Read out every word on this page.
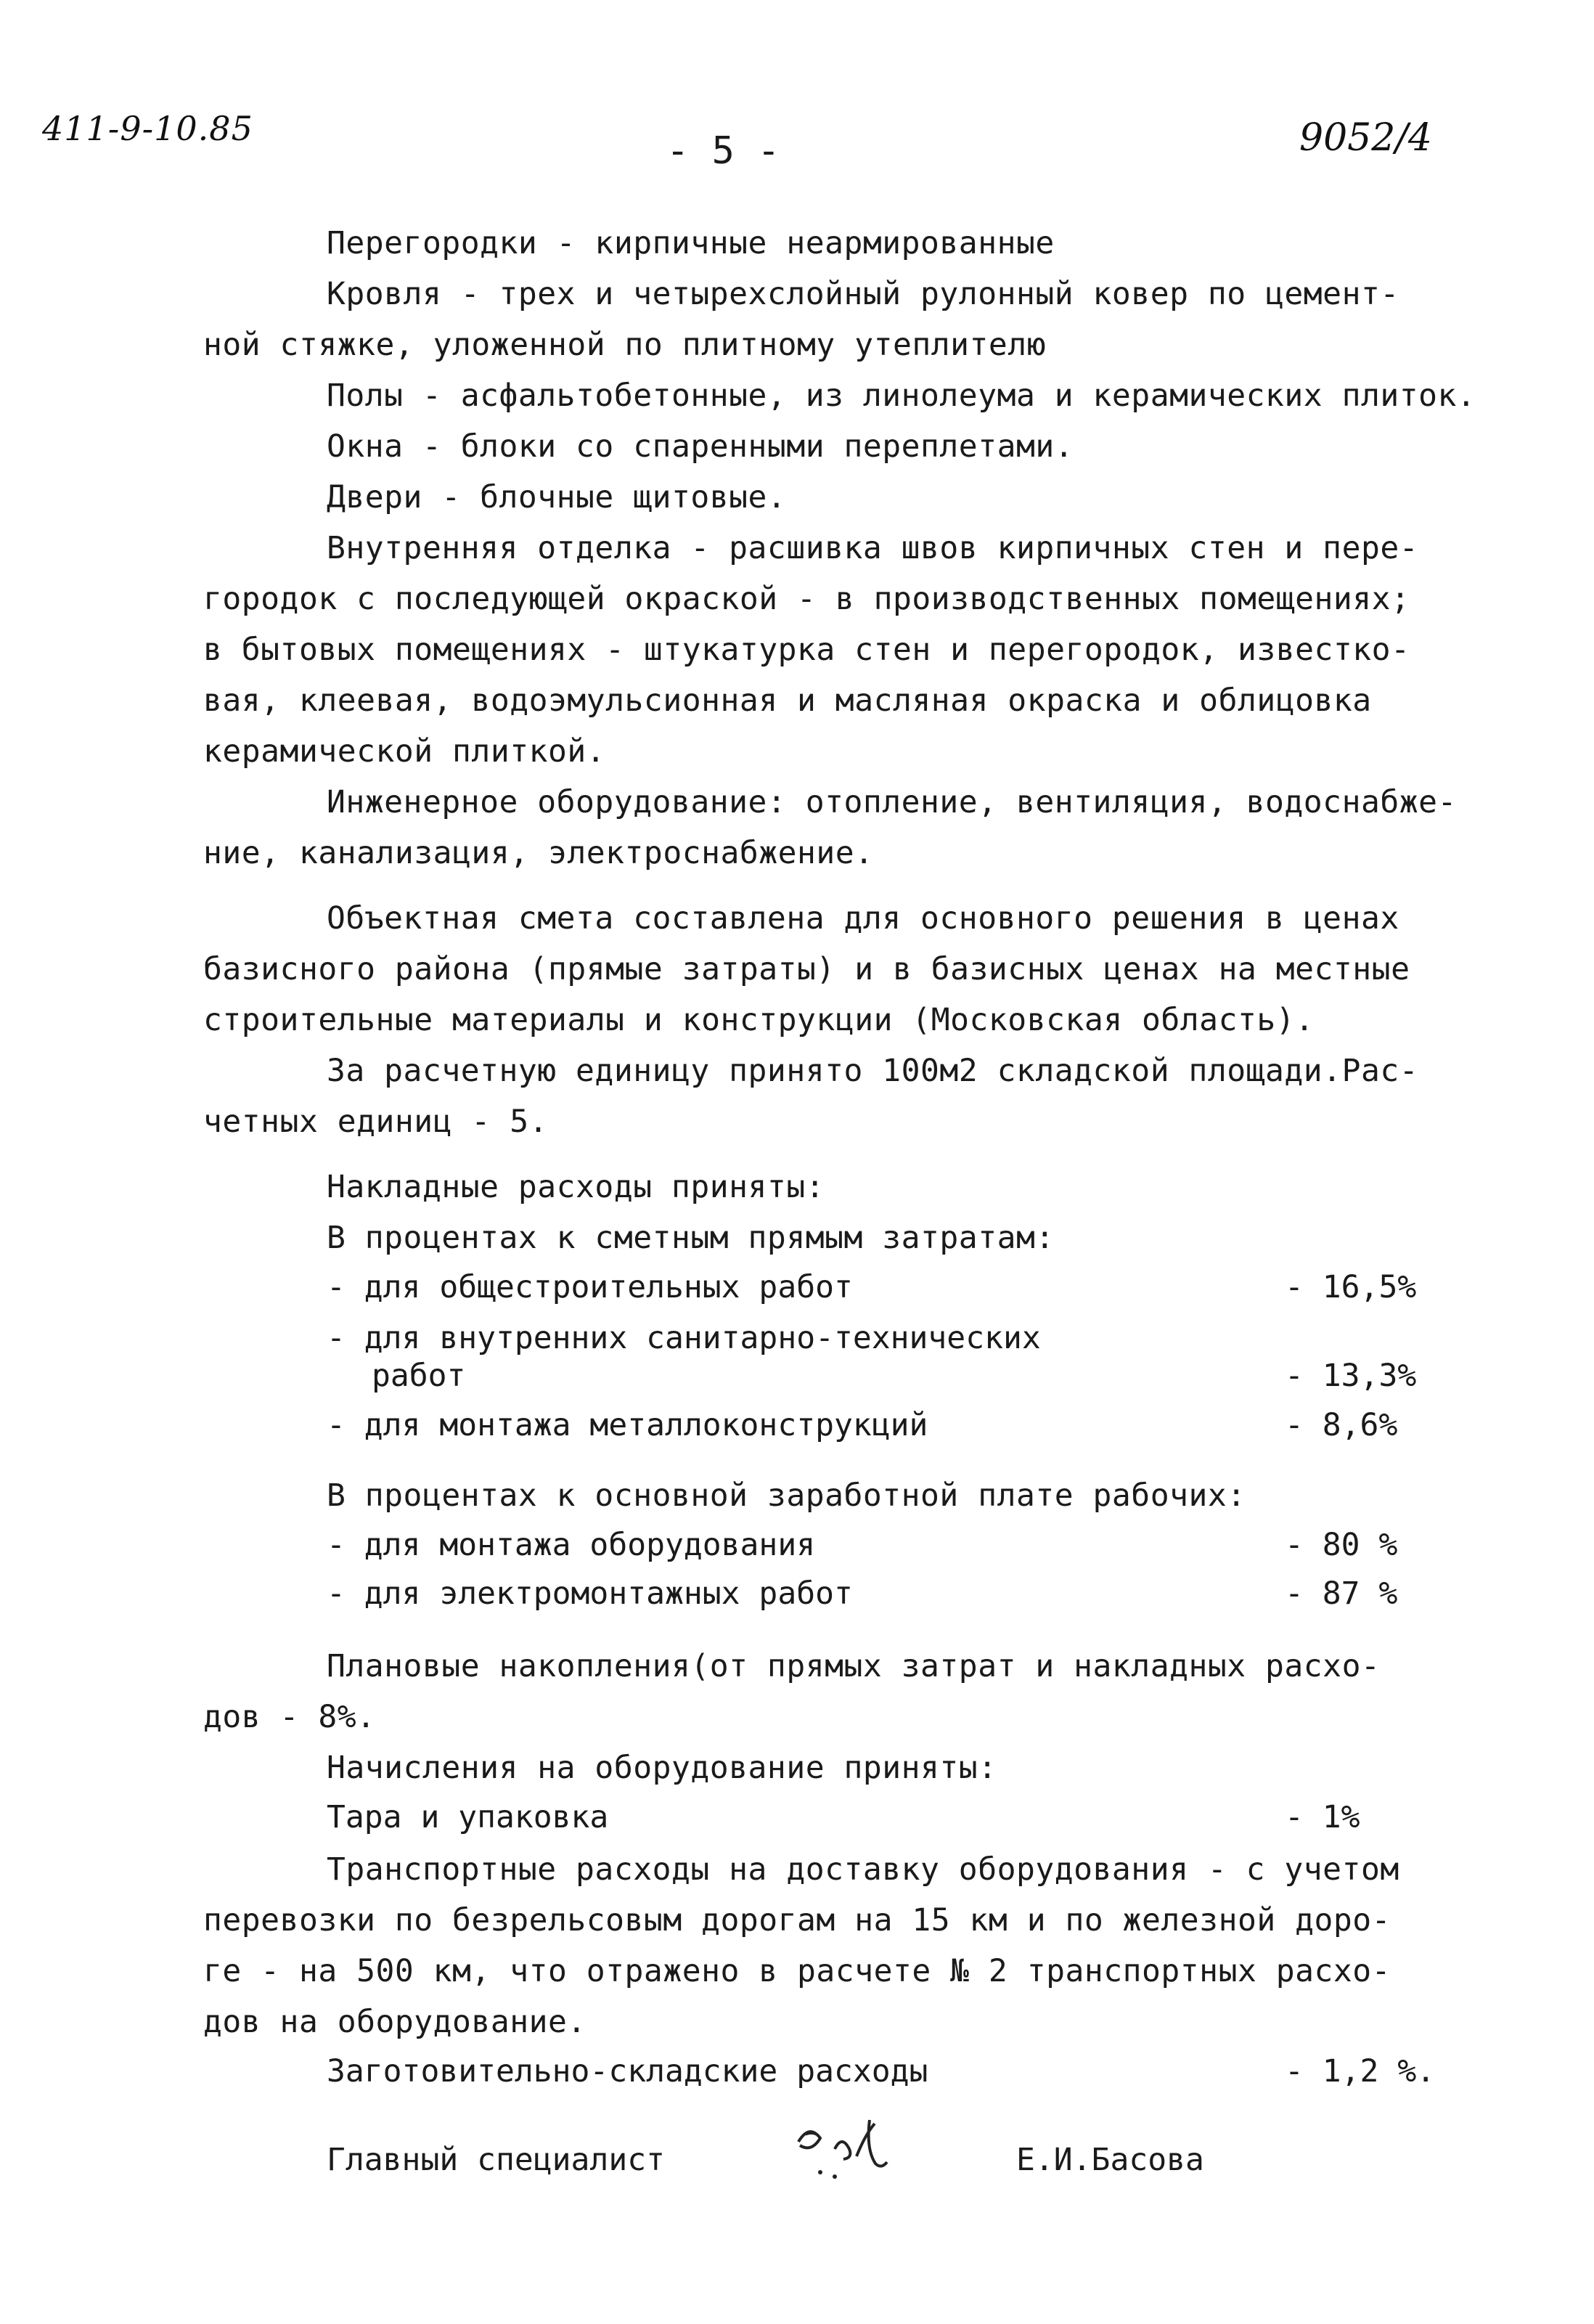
411-9-10.85
- 5 -	9052/4
Перегородки - кирпичные неармированные
Кровля - трех и четырехслойный рулонный ковер по цемент-
ной стяжке, уложенной по плитному утеплителю
Полы - асфальтобетонные, из линолеума и керамических плиток.
Окна - блоки со спаренными переплетами.
Двери - блочные щитовые.
Внутренняя отделка - расшивка швов кирпичных стен и пере-
городок с последующей окраской - в производственных помещениях;
в бытовых помещениях - штукатурка стен и перегородок, известко-
вая, клеевая, водоэмульсионная и масляная окраска и облицовка
керамической плиткой.
Инженерное оборудование: отопление, вентиляция, водоснабже-
ние, канализация, электроснабжение.
Объектная смета составлена для основного решения в ценах
базисного района (прямые затраты) и в базисных ценах на местные
строительные материалы и конструкции (Московская область).
За расчетную единицу принято 100м2 складской площади.Рас-
четных единиц - 5.
Накладные расходы приняты:
В процентах к сметным прямым затратам:
- для общестроительных работ	- 16,5%
- для внутренних санитарно-технических
работ	- 13,3%
- для монтажа металлоконструкций	- 8,6%
В процентах к основной заработной плате рабочих:
- для монтажа оборудования	- 80 %
- для электромонтажных работ	- 87 %
Плановые накопления(от прямых затрат и накладных расхо-
дов - 8%.
Начисления на оборудование приняты:
Тара и упаковка	- 1%
Транспортные расходы на доставку оборудования - с учетом
перевозки по безрельсовым дорогам на 15 км и по железной доро-
ге - на 500 км, что отражено в расчете № 2 транспортных расхо-
дов на оборудование.
Заготовительно-складские расходы	- 1,2 %.
Главный специалист	Е.И.Басова
